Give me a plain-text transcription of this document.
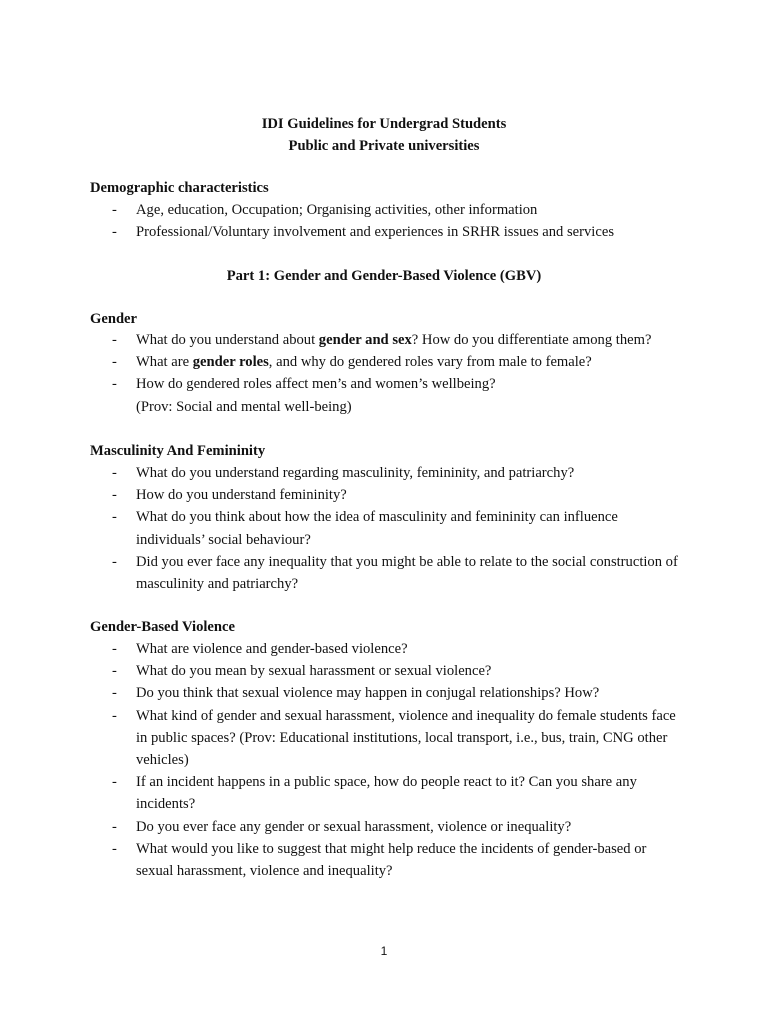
IDI Guidelines for Undergrad Students

Public and Private universities

Demographic characteristics

- Age, education, Occupation; Organising activities, other information
- Professional/Voluntary involvement and experiences in SRHR issues and services

Part 1: Gender and Gender-Based Violence (GBV)

Gender

- What do you understand about gender and sex? How do you differentiate among them?
- What are gender roles, and why do gendered roles vary from male to female?
- How do gendered roles affect men’s and women’s wellbeing?
(Prov: Social and mental well-being)

Masculinity And Femininity

- What do you understand regarding masculinity, femininity, and patriarchy?
- How do you understand femininity?
- What do you think about how the idea of masculinity and femininity can influence individuals’ social behaviour?
- Did you ever face any inequality that you might be able to relate to the social construction of masculinity and patriarchy?

Gender-Based Violence

- What are violence and gender-based violence?
- What do you mean by sexual harassment or sexual violence?
- Do you think that sexual violence may happen in conjugal relationships? How?
- What kind of gender and sexual harassment, violence and inequality do female students face in public spaces? (Prov: Educational institutions, local transport, i.e., bus, train, CNG other vehicles)
- If an incident happens in a public space, how do people react to it? Can you share any incidents?
- Do you ever face any gender or sexual harassment, violence or inequality?
- What would you like to suggest that might help reduce the incidents of gender-based or sexual harassment, violence and inequality?
1
